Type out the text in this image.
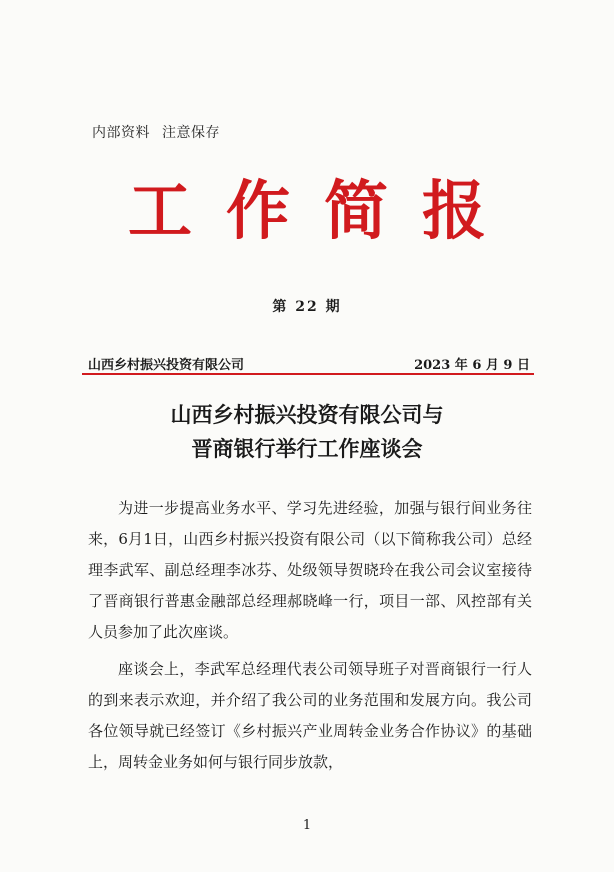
内部资料 注意保存
工作简报
第 22 期
山西乡村振兴投资有限公司	2023 年 6 月 9 日
山西乡村振兴投资有限公司与
晋商银行举行工作座谈会

为进一步提高业务水平、学习先进经验，加强与银行间业务往来，6月1日，山西乡村振兴投资有限公司（以下简称我公司）总经理李武军、副总经理李冰芬、处级领导贺晓玲在我公司会议室接待了晋商银行普惠金融部总经理郝晓峰一行，项目一部、风控部有关人员参加了此次座谈。

座谈会上，李武军总经理代表公司领导班子对晋商银行一行人的到来表示欢迎，并介绍了我公司的业务范围和发展方向。我公司各位领导就已经签订《乡村振兴产业周转金业务合作协议》的基础上，周转金业务如何与银行同步放款，

1
